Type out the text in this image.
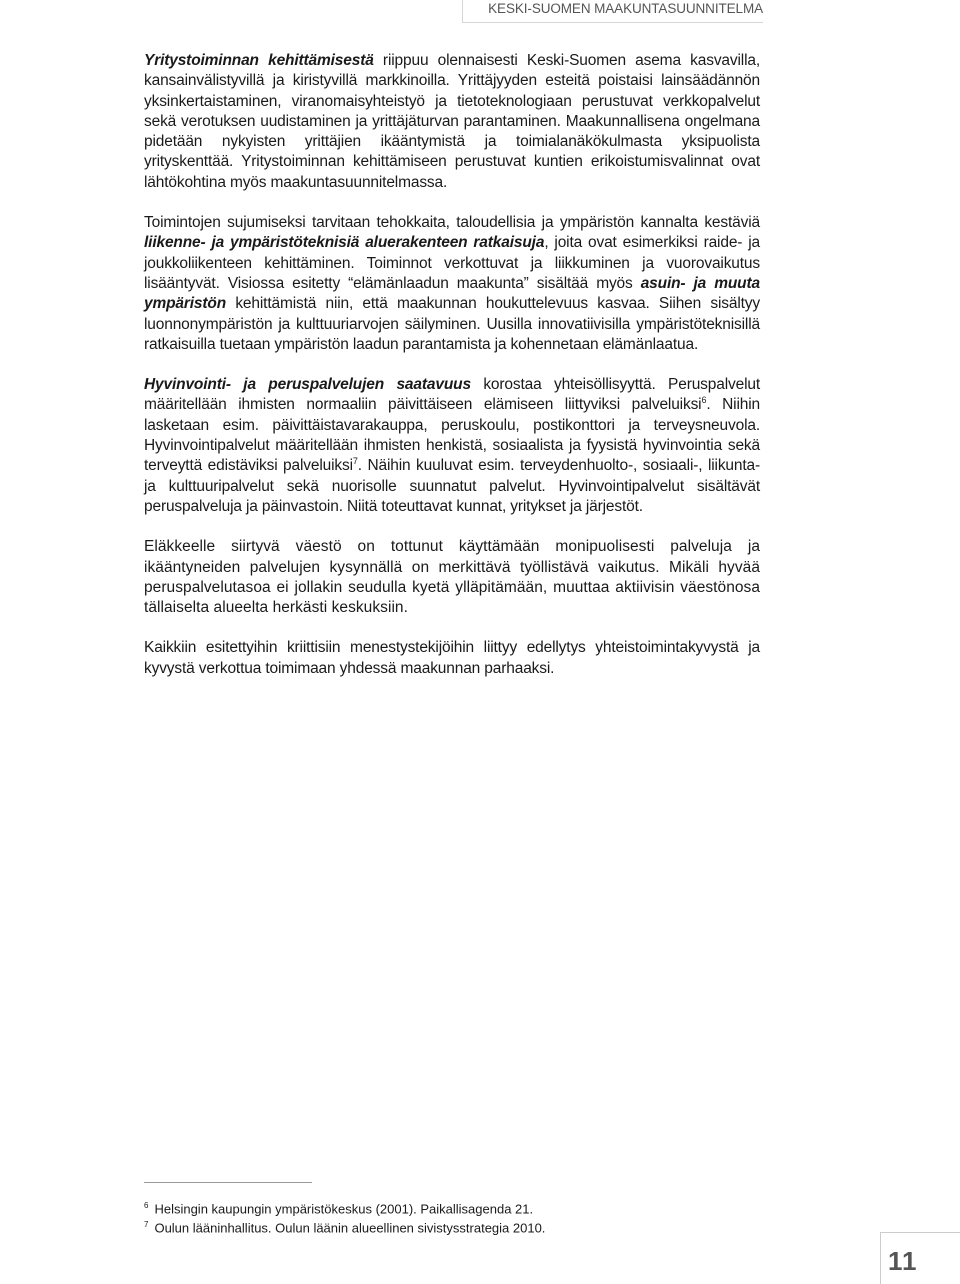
KESKI-SUOMEN MAAKUNTASUUNNITELMA

Yritystoiminnan kehittämisestä riippuu olennaisesti Keski-Suomen asema kasvavilla, kansainvälistyvillä ja kiristyvillä markkinoilla. Yrittäjyyden esteitä poistaisi lainsäädännön yksinkertaistaminen, viranomaisyhteistyö ja tietoteknologiaan perustuvat verkkopalvelut sekä verotuksen uudistaminen ja yrittäjäturvan parantaminen. Maakunnallisena ongelmana pidetään nykyisten yrittäjien ikääntymistä ja toimialanäkökulmasta yksipuolista yrityskenttää. Yritystoiminnan kehittämiseen perustuvat kuntien erikoistumisvalinnat ovat lähtökohtina myös maakuntasuunnitelmassa.

Toimintojen sujumiseksi tarvitaan tehokkaita, taloudellisia ja ympäristön kannalta kestäviä liikenne- ja ympäristöteknisiä aluerakenteen ratkaisuja, joita ovat esimerkiksi raide- ja joukkoliikenteen kehittäminen. Toiminnot verkottuvat ja liikkuminen ja vuorovaikutus lisääntyvät. Visiossa esitetty “elämänlaadun maakunta” sisältää myös asuin- ja muuta ympäristön kehittämistä niin, että maakunnan houkuttelevuus kasvaa. Siihen sisältyy luonnonympäristön ja kulttuuriarvojen säilyminen. Uusilla innovatiivisilla ympäristöteknisillä ratkaisuilla tuetaan ympäristön laadun parantamista ja kohennetaan elämänlaatua.

Hyvinvointi- ja peruspalvelujen saatavuus korostaa yhteisöllisyyttä. Peruspalvelut määritellään ihmisten normaaliin päivittäiseen elämiseen liittyviksi palveluiksi$^6$. Niihin lasketaan esim. päivittäistavarakauppa, peruskoulu, postikonttori ja terveysneuvola. Hyvinvointipalvelut määritellään ihmisten henkistä, sosiaalista ja fyysistä hyvinvointia sekä terveyttä edistäviksi palveluiksi$^7$. Näihin kuuluvat esim. terveydenhuolto-, sosiaali-, liikunta- ja kulttuuripalvelut sekä nuorisolle suunnatut palvelut. Hyvinvointipalvelut sisältävät peruspalveluja ja päinvastoin. Niitä toteuttavat kunnat, yritykset ja järjestöt.

Eläkkeelle siirtyvä väestö on tottunut käyttämään monipuolisesti palveluja ja ikääntyneiden palvelujen kysynnällä on merkittävä työllistävä vaikutus. Mikäli hyvää peruspalvelutasoa ei jollakin seudulla kyetä ylläpitämään, muuttaa aktiivisin väestönosa tällaiselta alueelta herkästi keskuksiin.

Kaikkiin esitettyihin kriittisiin menestystekijöihin liittyy edellytys yhteistoimintakyvystä ja kyvystä verkottua toimimaan yhdessä maakunnan parhaaksi.

$^6$ Helsingin kaupungin ympäristökeskus (2001). Paikallisagenda 21.

$^7$ Oulun lääninhallitus. Oulun läänin alueellinen sivistysstrategia 2010.

11
